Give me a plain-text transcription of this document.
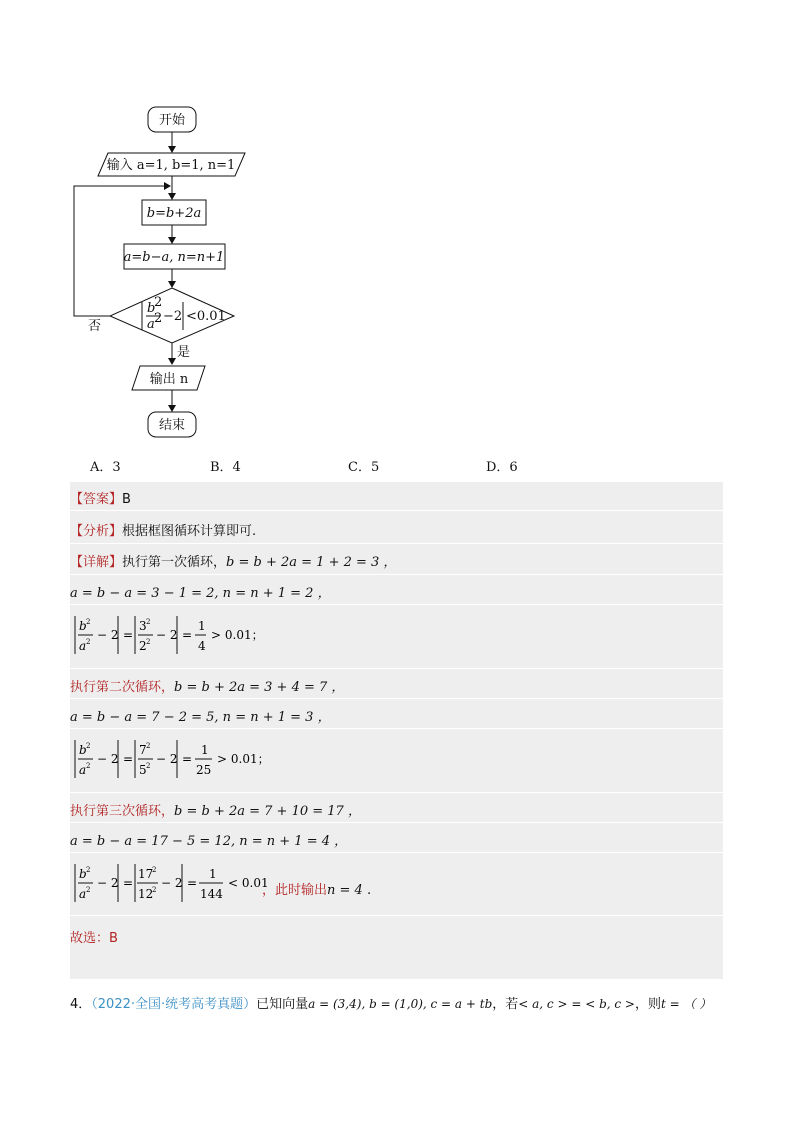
开始
输入 a=1, b=1, n=1
b=b+2a
a=b−a, n=n+1
b
2
a 2 −2 <0.01
否
是
输出 n
结束
A．3	B．4	C．5	D．6
【答案】B
【分析】根据框图循环计算即可.
【详解】执行第一次循环，b = b + 2a = 1 + 2 = 3 ，
a = b − a = 3 − 1 = 2, n = n + 1 = 2 ，
b 2
a 2 − 2 =
3 2
2 2 − 2 =
1
4
> 0.01；
执行第二次循环，b = b + 2a = 3 + 4 = 7 ，
a = b − a = 7 − 2 = 5, n = n + 1 = 3 ，
b 2
a 2 − 2 =
7 2
5 2 − 2 =
1
25
> 0.01；
执行第三次循环，b = b + 2a = 7 + 10 = 17 ，
a = b − a = 17 − 5 = 12, n = n + 1 = 4 ，
b 2
a 2 − 2 =
17
2
12
2 − 2 =
1
144
< 0.01
，此时输出n = 4 .
故选：B
4．（2022·全国·统考高考真题）已知向量a = (3,4), b = (1,0), c = a + tb，若< a, c > = < b, c >，则t = （ ）
